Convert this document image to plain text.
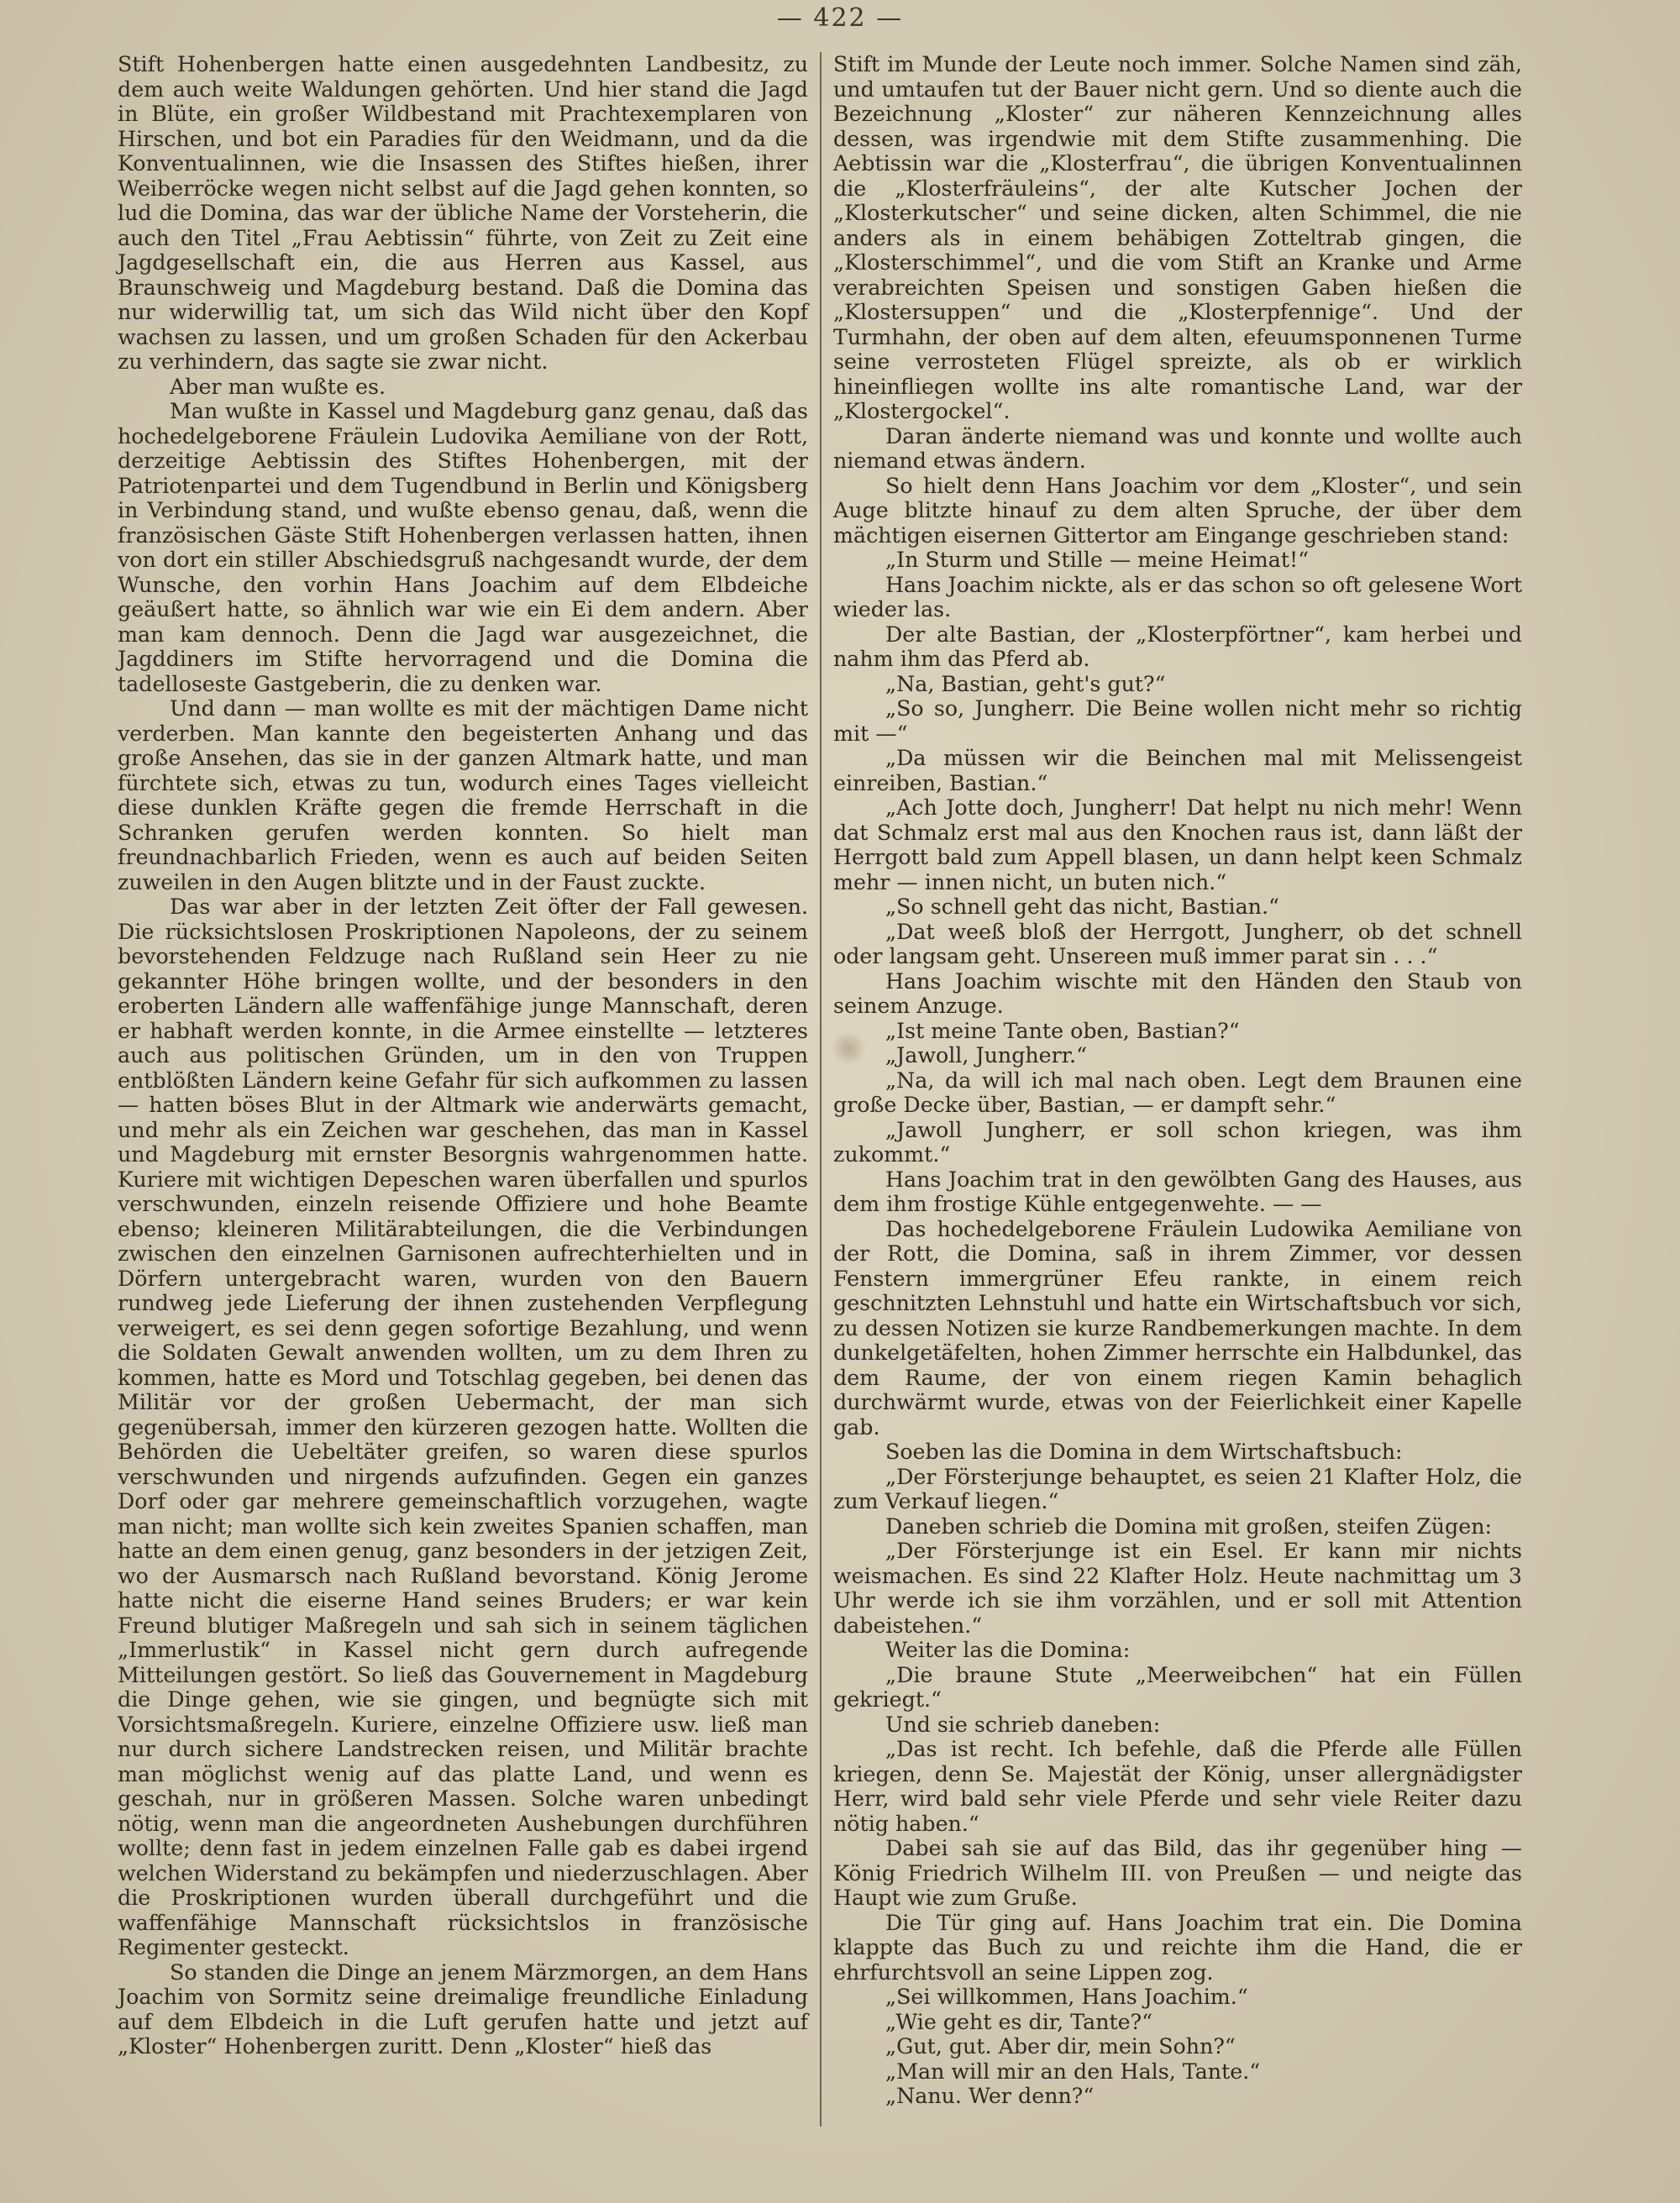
— 422 —

Stift Hohenbergen hatte einen ausgedehnten Landbesitz, zu dem auch weite Waldungen gehörten. Und hier stand die Jagd in Blüte, ein großer Wildbestand mit Prachtexemplaren von Hirschen, und bot ein Paradies für den Weidmann, und da die Konventualinnen, wie die Insassen des Stiftes hießen, ihrer Weiberröcke wegen nicht selbst auf die Jagd gehen konnten, so lud die Domina, das war der übliche Name der Vorsteherin, die auch den Titel „Frau Aebtissin“ führte, von Zeit zu Zeit eine Jagdgesellschaft ein, die aus Herren aus Kassel, aus Braunschweig und Magdeburg bestand. Daß die Domina das nur widerwillig tat, um sich das Wild nicht über den Kopf wachsen zu lassen, und um großen Schaden für den Ackerbau zu verhindern, das sagte sie zwar nicht.

Aber man wußte es.

Man wußte in Kassel und Magdeburg ganz genau, daß das hochedelgeborene Fräulein Ludovika Aemiliane von der Rott, derzeitige Aebtissin des Stiftes Hohenbergen, mit der Patriotenpartei und dem Tugendbund in Berlin und Königsberg in Verbindung stand, und wußte ebenso genau, daß, wenn die französischen Gäste Stift Hohenbergen verlassen hatten, ihnen von dort ein stiller Abschiedsgruß nachgesandt wurde, der dem Wunsche, den vorhin Hans Joachim auf dem Elbdeiche geäußert hatte, so ähnlich war wie ein Ei dem andern. Aber man kam dennoch. Denn die Jagd war ausgezeichnet, die Jagddiners im Stifte hervorragend und die Domina die tadelloseste Gastgeberin, die zu denken war.

Und dann — man wollte es mit der mächtigen Dame nicht verderben. Man kannte den begeisterten Anhang und das große Ansehen, das sie in der ganzen Altmark hatte, und man fürchtete sich, etwas zu tun, wodurch eines Tages vielleicht diese dunklen Kräfte gegen die fremde Herrschaft in die Schranken gerufen werden konnten. So hielt man freundnachbarlich Frieden, wenn es auch auf beiden Seiten zuweilen in den Augen blitzte und in der Faust zuckte.

Das war aber in der letzten Zeit öfter der Fall gewesen. Die rücksichtslosen Proskriptionen Napoleons, der zu seinem bevorstehenden Feldzuge nach Rußland sein Heer zu nie gekannter Höhe bringen wollte, und der besonders in den eroberten Ländern alle waffenfähige junge Mannschaft, deren er habhaft werden konnte, in die Armee einstellte — letzteres auch aus politischen Gründen, um in den von Truppen entblößten Ländern keine Gefahr für sich aufkommen zu lassen — hatten böses Blut in der Altmark wie anderwärts gemacht, und mehr als ein Zeichen war geschehen, das man in Kassel und Magdeburg mit ernster Besorgnis wahrgenommen hatte. Kuriere mit wichtigen Depeschen waren überfallen und spurlos verschwunden, einzeln reisende Offiziere und hohe Beamte ebenso; kleineren Militärabteilungen, die die Verbindungen zwischen den einzelnen Garnisonen aufrechterhielten und in Dörfern untergebracht waren, wurden von den Bauern rundweg jede Lieferung der ihnen zustehenden Verpflegung verweigert, es sei denn gegen sofortige Bezahlung, und wenn die Soldaten Gewalt anwenden wollten, um zu dem Ihren zu kommen, hatte es Mord und Totschlag gegeben, bei denen das Militär vor der großen Uebermacht, der man sich gegenübersah, immer den kürzeren gezogen hatte. Wollten die Behörden die Uebeltäter greifen, so waren diese spurlos verschwunden und nirgends aufzufinden. Gegen ein ganzes Dorf oder gar mehrere gemeinschaftlich vorzugehen, wagte man nicht; man wollte sich kein zweites Spanien schaffen, man hatte an dem einen genug, ganz besonders in der jetzigen Zeit, wo der Ausmarsch nach Rußland bevorstand. König Jerome hatte nicht die eiserne Hand seines Bruders; er war kein Freund blutiger Maßregeln und sah sich in seinem täglichen „Immerlustik“ in Kassel nicht gern durch aufregende Mitteilungen gestört. So ließ das Gouvernement in Magdeburg die Dinge gehen, wie sie gingen, und begnügte sich mit Vorsichtsmaßregeln. Kuriere, einzelne Offiziere usw. ließ man nur durch sichere Landstrecken reisen, und Militär brachte man möglichst wenig auf das platte Land, und wenn es geschah, nur in größeren Massen. Solche waren unbedingt nötig, wenn man die angeordneten Aushebungen durchführen wollte; denn fast in jedem einzelnen Falle gab es dabei irgend welchen Widerstand zu bekämpfen und niederzuschlagen. Aber die Proskriptionen wurden überall durchgeführt und die waffenfähige Mannschaft rücksichtslos in französische Regimenter gesteckt.

So standen die Dinge an jenem Märzmorgen, an dem Hans Joachim von Sormitz seine dreimalige freundliche Einladung auf dem Elbdeich in die Luft gerufen hatte und jetzt auf „Kloster“ Hohenbergen zuritt. Denn „Kloster“ hieß das

Stift im Munde der Leute noch immer. Solche Namen sind zäh, und umtaufen tut der Bauer nicht gern. Und so diente auch die Bezeichnung „Kloster“ zur näheren Kennzeichnung alles dessen, was irgendwie mit dem Stifte zusammenhing. Die Aebtissin war die „Klosterfrau“, die übrigen Konventualinnen die „Klosterfräuleins“, der alte Kutscher Jochen der „Klosterkutscher“ und seine dicken, alten Schimmel, die nie anders als in einem behäbigen Zotteltrab gingen, die „Klosterschimmel“, und die vom Stift an Kranke und Arme verabreichten Speisen und sonstigen Gaben hießen die „Klostersuppen“ und die „Klosterpfennige“. Und der Turmhahn, der oben auf dem alten, efeuumsponnenen Turme seine verrosteten Flügel spreizte, als ob er wirklich hineinfliegen wollte ins alte romantische Land, war der „Klostergockel“.

Daran änderte niemand was und konnte und wollte auch niemand etwas ändern.

So hielt denn Hans Joachim vor dem „Kloster“, und sein Auge blitzte hinauf zu dem alten Spruche, der über dem mächtigen eisernen Gittertor am Eingange geschrieben stand:

„In Sturm und Stille — meine Heimat!“

Hans Joachim nickte, als er das schon so oft gelesene Wort wieder las.

Der alte Bastian, der „Klosterpförtner“, kam herbei und nahm ihm das Pferd ab.

„Na, Bastian, geht's gut?“

„So so, Jungherr. Die Beine wollen nicht mehr so richtig mit —“

„Da müssen wir die Beinchen mal mit Melissengeist einreiben, Bastian.“

„Ach Jotte doch, Jungherr! Dat helpt nu nich mehr! Wenn dat Schmalz erst mal aus den Knochen raus ist, dann läßt der Herrgott bald zum Appell blasen, un dann helpt keen Schmalz mehr — innen nicht, un buten nich.“

„So schnell geht das nicht, Bastian.“

„Dat weeß bloß der Herrgott, Jungherr, ob det schnell oder langsam geht. Unsereen muß immer parat sin . . .“

Hans Joachim wischte mit den Händen den Staub von seinem Anzuge.

„Ist meine Tante oben, Bastian?“

„Jawoll, Jungherr.“

„Na, da will ich mal nach oben. Legt dem Braunen eine große Decke über, Bastian, — er dampft sehr.“

„Jawoll Jungherr, er soll schon kriegen, was ihm zukommt.“

Hans Joachim trat in den gewölbten Gang des Hauses, aus dem ihm frostige Kühle entgegenwehte. — —

Das hochedelgeborene Fräulein Ludowika Aemiliane von der Rott, die Domina, saß in ihrem Zimmer, vor dessen Fenstern immergrüner Efeu rankte, in einem reich geschnitzten Lehnstuhl und hatte ein Wirtschaftsbuch vor sich, zu dessen Notizen sie kurze Randbemerkungen machte. In dem dunkelgetäfelten, hohen Zimmer herrschte ein Halbdunkel, das dem Raume, der von einem riegen Kamin behaglich durchwärmt wurde, etwas von der Feierlichkeit einer Kapelle gab.

Soeben las die Domina in dem Wirtschaftsbuch:

„Der Försterjunge behauptet, es seien 21 Klafter Holz, die zum Verkauf liegen.“

Daneben schrieb die Domina mit großen, steifen Zügen:

„Der Försterjunge ist ein Esel. Er kann mir nichts weismachen. Es sind 22 Klafter Holz. Heute nachmittag um 3 Uhr werde ich sie ihm vorzählen, und er soll mit Attention dabeistehen.“

Weiter las die Domina:

„Die braune Stute „Meerweibchen“ hat ein Füllen gekriegt.“

Und sie schrieb daneben:

„Das ist recht. Ich befehle, daß die Pferde alle Füllen kriegen, denn Se. Majestät der König, unser allergnädigster Herr, wird bald sehr viele Pferde und sehr viele Reiter dazu nötig haben.“

Dabei sah sie auf das Bild, das ihr gegenüber hing — König Friedrich Wilhelm III. von Preußen — und neigte das Haupt wie zum Gruße.

Die Tür ging auf. Hans Joachim trat ein. Die Domina klappte das Buch zu und reichte ihm die Hand, die er ehrfurchtsvoll an seine Lippen zog.

„Sei willkommen, Hans Joachim.“

„Wie geht es dir, Tante?“

„Gut, gut. Aber dir, mein Sohn?“

„Man will mir an den Hals, Tante.“

„Nanu. Wer denn?“
